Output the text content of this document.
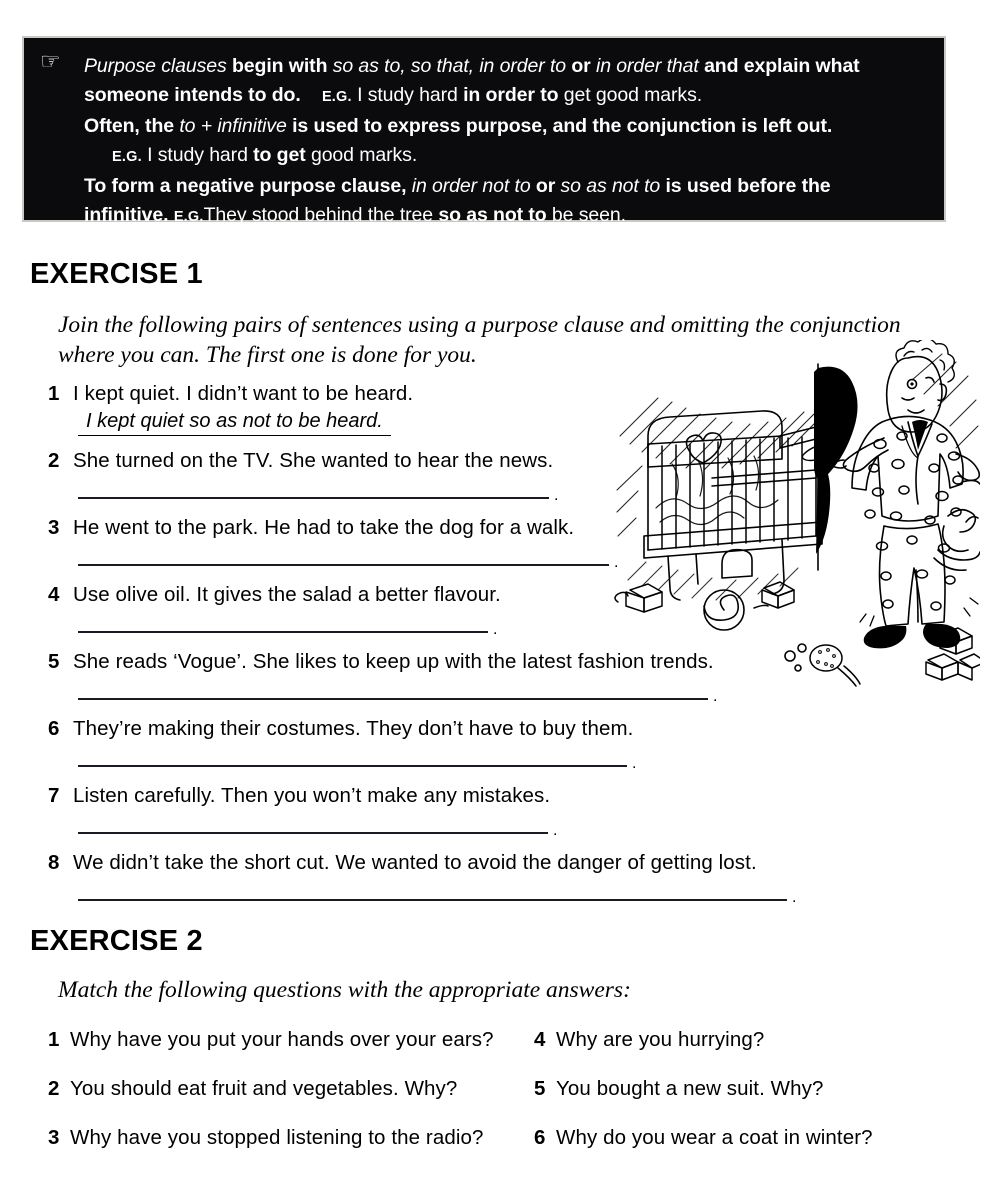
☞	Purpose clauses begin with so as to, so that, in order to or in order that and explain what
someone intends to do. E.G. I study hard in order to get good marks.
Often, the to + infinitive is used to express purpose, and the conjunction is left out.
E.G. I study hard to get good marks.
To form a negative purpose clause, in order not to or so as not to is used before the
infinitive. E.G.They stood behind the tree so as not to be seen.
EXERCISE 1
Join the following pairs of sentences using a purpose clause and omitting the conjunction where you can. The first one is done for you.
1 I kept quiet. I didn’t want to be heard.
I kept quiet so as not to be heard.
2 She turned on the TV. She wanted to hear the news.
.
3 He went to the park. He had to take the dog for a walk.
.
4 Use olive oil. It gives the salad a better flavour.
.
5 She reads ‘Vogue’. She likes to keep up with the latest fashion trends.
.
6 They’re making their costumes. They don’t have to buy them.
.
7 Listen carefully. Then you won’t make any mistakes.
.
8 We didn’t take the short cut. We wanted to avoid the danger of getting lost.
.
EXERCISE 2
Match the following questions with the appropriate answers:
1 Why have you put your hands over your ears? 4 Why are you hurrying?
2 You should eat fruit and vegetables. Why?	5 You bought a new suit. Why?
3 Why have you stopped listening to the radio? 6 Why do you wear a coat in winter?
